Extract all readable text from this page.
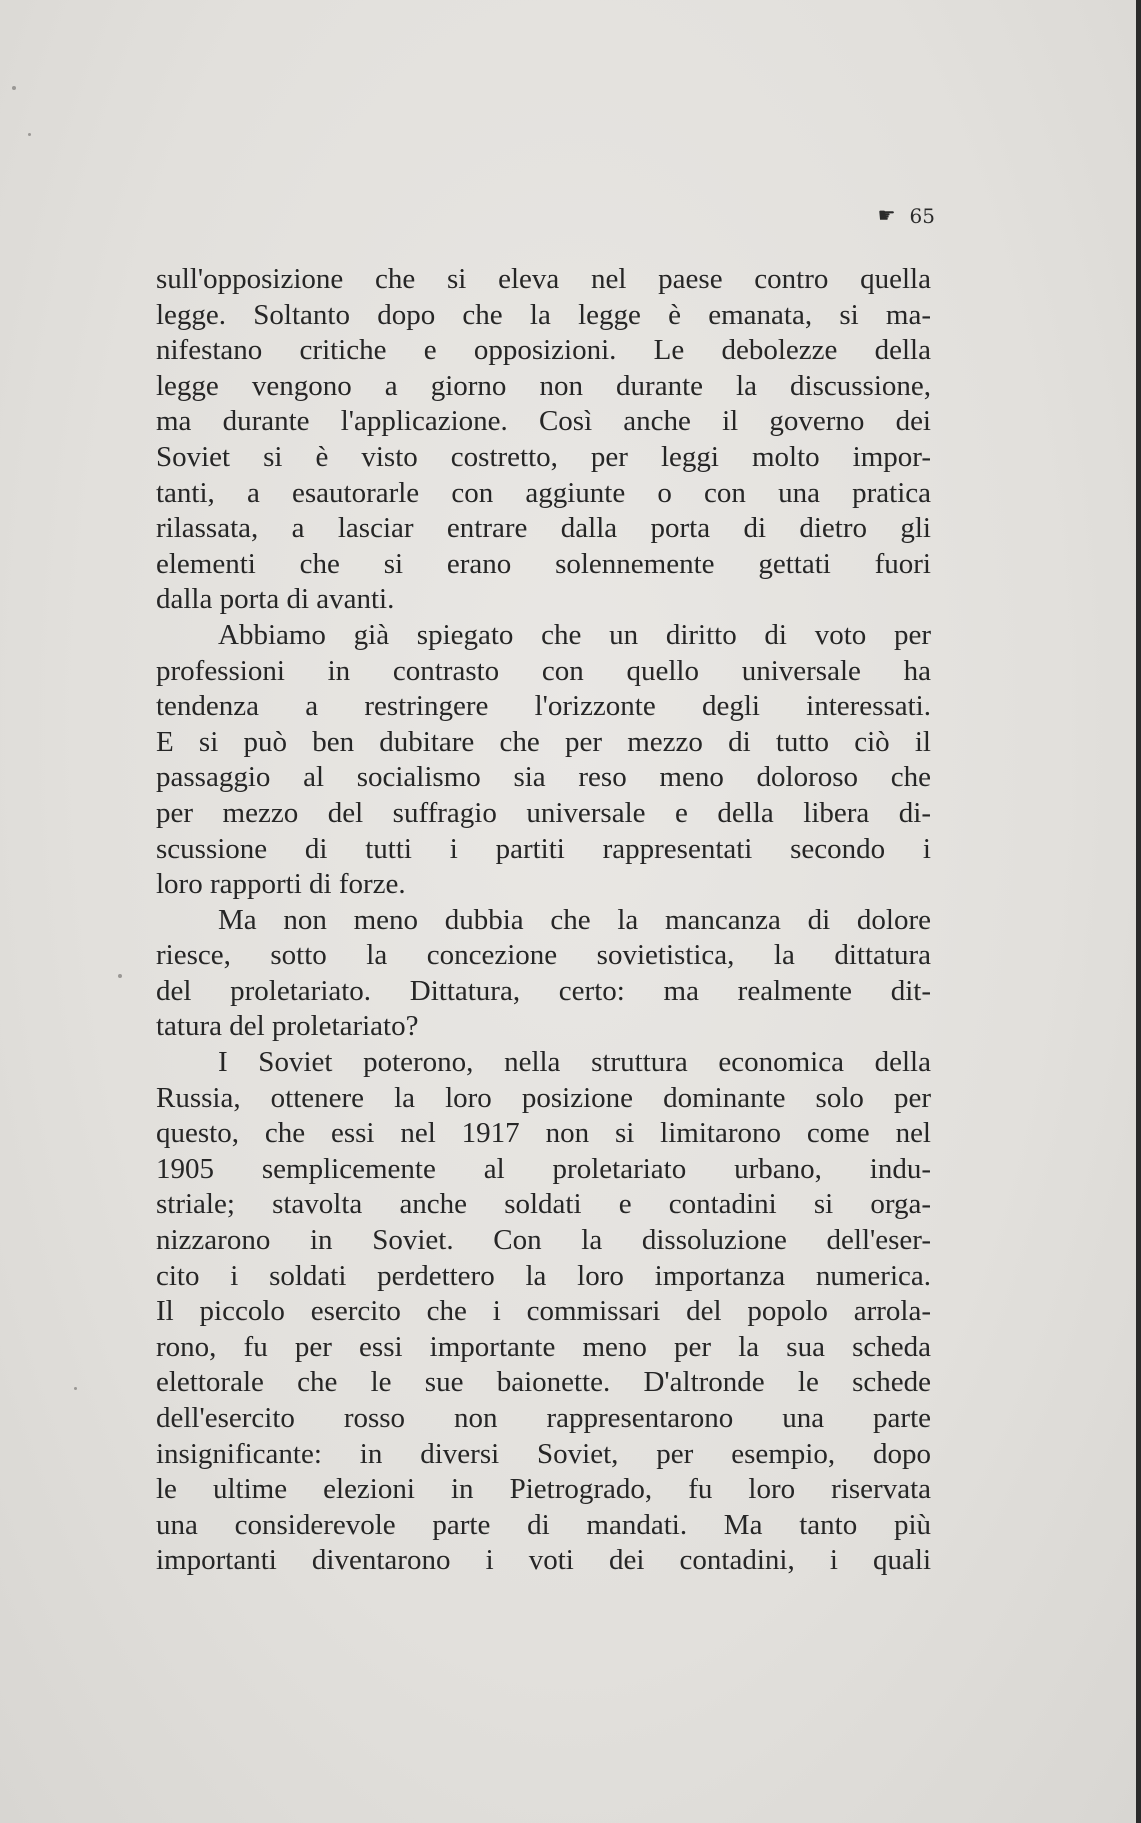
☛ 65
sull'opposizione che si eleva nel paese contro quella
legge. Soltanto dopo che la legge è emanata, si ma-
nifestano critiche e opposizioni. Le debolezze della
legge vengono a giorno non durante la discussione,
ma durante l'applicazione. Così anche il governo dei
Soviet si è visto costretto, per leggi molto impor-
tanti, a esautorarle con aggiunte o con una pratica
rilassata, a lasciar entrare dalla porta di dietro gli
elementi che si erano solennemente gettati fuori
dalla porta di avanti.
Abbiamo già spiegato che un diritto di voto per
professioni in contrasto con quello universale ha
tendenza a restringere l'orizzonte degli interessati.
E si può ben dubitare che per mezzo di tutto ciò il
passaggio al socialismo sia reso meno doloroso che
per mezzo del suffragio universale e della libera di-
scussione di tutti i partiti rappresentati secondo i
loro rapporti di forze.
Ma non meno dubbia che la mancanza di dolore
riesce, sotto la concezione sovietistica, la dittatura
del proletariato. Dittatura, certo: ma realmente dit-
tatura del proletariato?
I Soviet poterono, nella struttura economica della
Russia, ottenere la loro posizione dominante solo per
questo, che essi nel 1917 non si limitarono come nel
1905 semplicemente al proletariato urbano, indu-
striale; stavolta anche soldati e contadini si orga-
nizzarono in Soviet. Con la dissoluzione dell'eser-
cito i soldati perdettero la loro importanza numerica.
Il piccolo esercito che i commissari del popolo arrola-
rono, fu per essi importante meno per la sua scheda
elettorale che le sue baionette. D'altronde le schede
dell'esercito rosso non rappresentarono una parte
insignificante: in diversi Soviet, per esempio, dopo
le ultime elezioni in Pietrogrado, fu loro riservata
una considerevole parte di mandati. Ma tanto più
importanti diventarono i voti dei contadini, i quali
